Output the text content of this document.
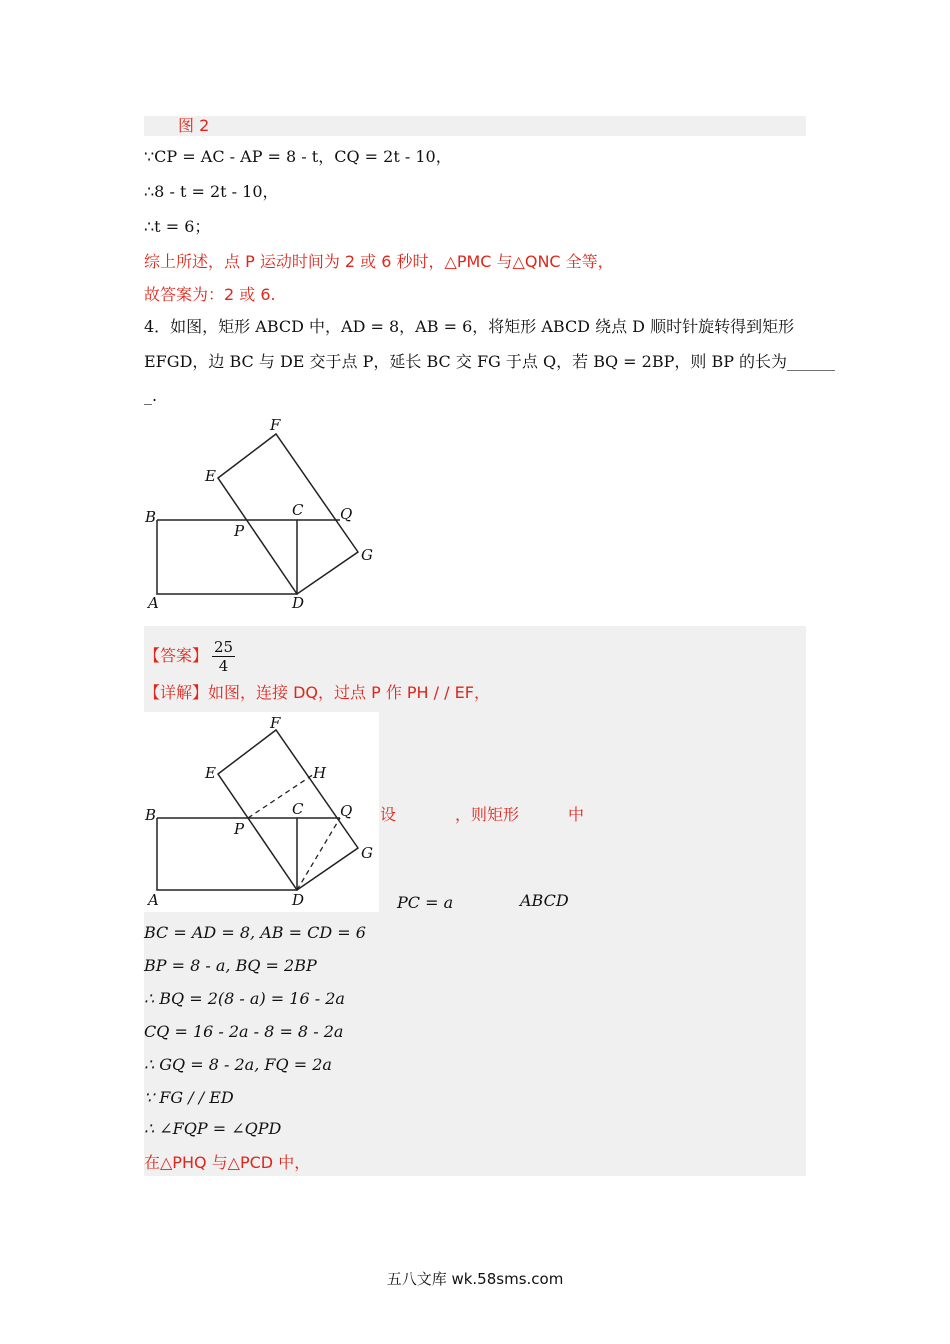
图 2
∵CP = AC - AP = 8 - t，CQ = 2t - 10，
∴8 - t = 2t - 10，
∴t = 6；
综上所述，点 P 运动时间为 2 或 6 秒时，△PMC 与△QNC 全等，
故答案为：2 或 6.
4．如图，矩形 ABCD 中，AD = 8，AB = 6，将矩形 ABCD 绕点 D 顺时针旋转得到矩形
EFGD，边 BC 与 DE 交于点 P，延长 BC 交 FG 于点 Q，若 BQ = 2BP，则 BP 的长为______
_.
F
E
B	C Q
P
G
A	D
【答案】 $\frac{25}{4}$
【详解】如图，连接 DQ，过点 P 作 PH / / EF，
F
E	H
B	C Q
P
G
A	D
设	，则矩形	中
PC = a	ABCD
BC = AD = 8, AB = CD = 6
BP = 8 - a, BQ = 2BP
∴ BQ = 2(8 - a) = 16 - 2a
CQ = 16 - 2a - 8 = 8 - 2a
∴ GQ = 8 - 2a, FQ = 2a
∵ FG / / ED
∴ ∠FQP = ∠QPD
在△PHQ 与△PCD 中，
五八文库 wk.58sms.com
